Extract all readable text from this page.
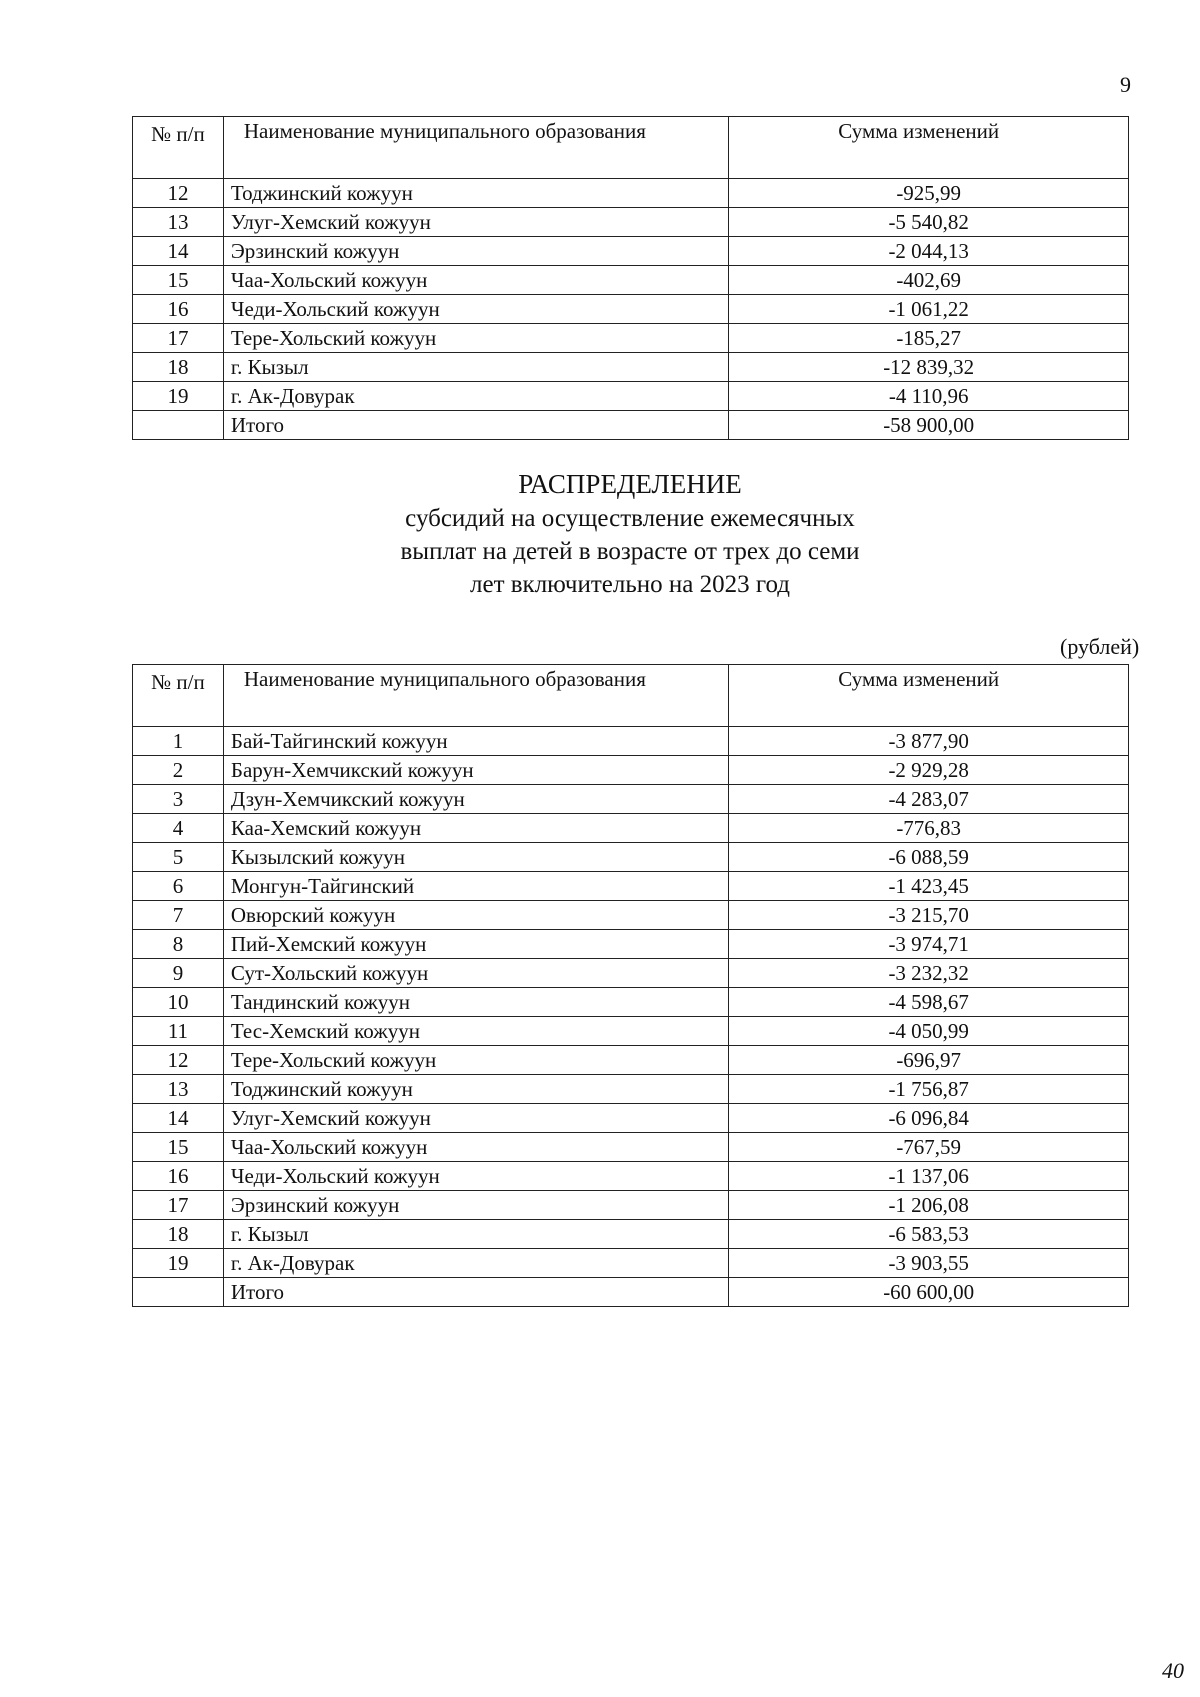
9
№ п/п	Наименование муниципального образования	Сумма изменений
12	Тоджинский кожуун	-925,99
13	Улуг-Хемский кожуун	-5 540,82
14	Эрзинский кожуун	-2 044,13
15	Чаа-Хольский кожуун	-402,69
16	Чеди-Хольский кожуун	-1 061,22
17	Тере-Хольский кожуун	-185,27
18	г. Кызыл	-12 839,32
19	г. Ак-Довурак	-4 110,96
	Итого	-58 900,00
РАСПРЕДЕЛЕНИЕ
субсидий на осуществление ежемесячных
выплат на детей в возрасте от трех до семи
лет включительно на 2023 год
(рублей)
№ п/п	Наименование муниципального образования	Сумма изменений
1	Бай-Тайгинский кожуун	-3 877,90
2	Барун-Хемчикский кожуун	-2 929,28
3	Дзун-Хемчикский кожуун	-4 283,07
4	Каа-Хемский кожуун	-776,83
5	Кызылский кожуун	-6 088,59
6	Монгун-Тайгинский	-1 423,45
7	Овюрский кожуун	-3 215,70
8	Пий-Хемский кожуун	-3 974,71
9	Сут-Хольский кожуун	-3 232,32
10	Тандинский кожуун	-4 598,67
11	Тес-Хемский кожуун	-4 050,99
12	Тере-Хольский кожуун	-696,97
13	Тоджинский кожуун	-1 756,87
14	Улуг-Хемский кожуун	-6 096,84
15	Чаа-Хольский кожуун	-767,59
16	Чеди-Хольский кожуун	-1 137,06
17	Эрзинский кожуун	-1 206,08
18	г. Кызыл	-6 583,53
19	г. Ак-Довурак	-3 903,55
	Итого	-60 600,00
40
